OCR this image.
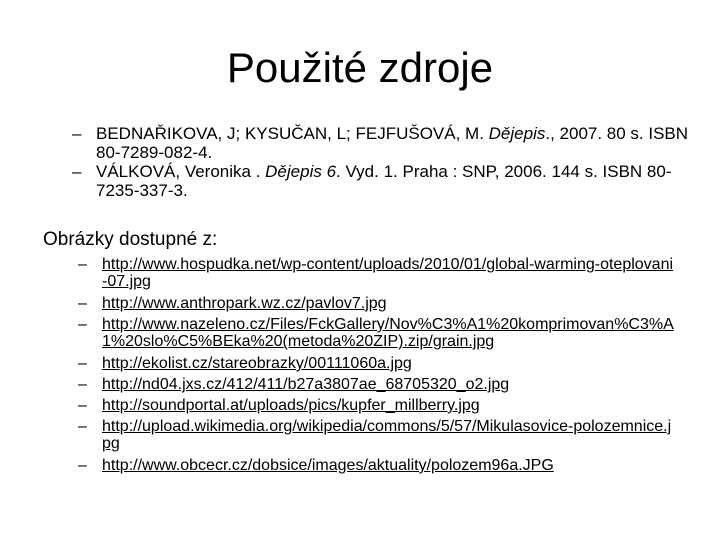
Použité zdroje
– BEDNAŘIKOVA, J; KYSUČAN, L; FEJFUŠOVÁ, M. Dějepis., 2007. 80 s. ISBN 80-7289-082-4.
– VÁLKOVÁ, Veronika . Dějepis 6. Vyd. 1. Praha : SNP, 2006. 144 s. ISBN 80-7235-337-3.
Obrázky dostupné z:
– http://www.hospudka.net/wp-content/uploads/2010/01/global-warming-oteplovani-07.jpg
– http://www.anthropark.wz.cz/pavlov7.jpg
– http://www.nazeleno.cz/Files/FckGallery/Nov%C3%A1%20komprimovan%C3%A1%20slo%C5%BEka%20(metoda%20ZIP).zip/grain.jpg
– http://ekolist.cz/stareobrazky/00111060a.jpg
– http://nd04.jxs.cz/412/411/b27a3807ae_68705320_o2.jpg
– http://soundportal.at/uploads/pics/kupfer_millberry.jpg
– http://upload.wikimedia.org/wikipedia/commons/5/57/Mikulasovice-polozemnice.jpg
– http://www.obcecr.cz/dobsice/images/aktuality/polozem96a.JPG
